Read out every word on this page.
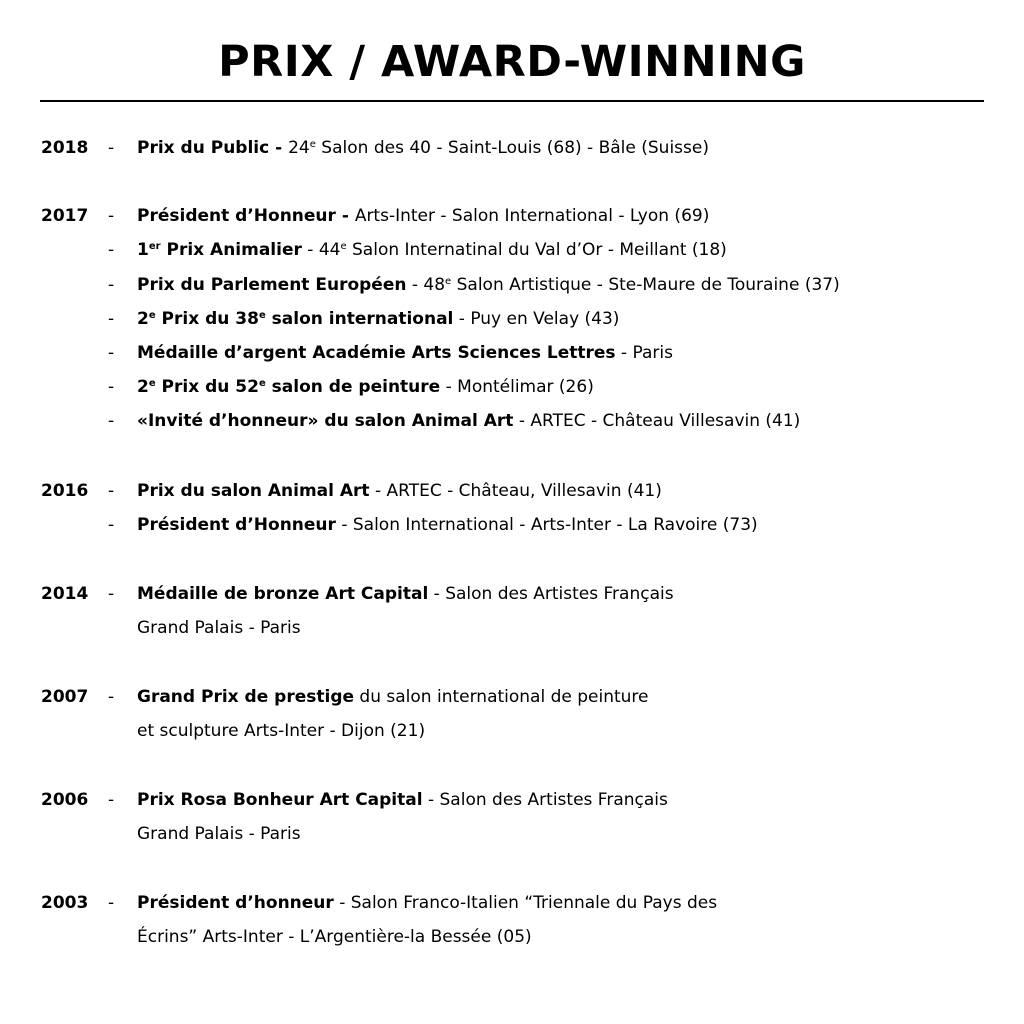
PRIX / AWARD-WINNING
2018 - Prix du Public - 24e Salon des 40 - Saint-Louis (68) - Bâle (Suisse)
2017 - Président d’Honneur - Arts-Inter - Salon International - Lyon (69)
- 1er Prix Animalier - 44e Salon Internatinal du Val d’Or - Meillant (18)
- Prix du Parlement Européen - 48e Salon Artistique - Ste-Maure de Touraine (37)
- 2e Prix du 38e salon international - Puy en Velay (43)
- Médaille d’argent Académie Arts Sciences Lettres - Paris
- 2e Prix du 52e salon de peinture - Montélimar (26)
- «Invité d’honneur» du salon Animal Art - ARTEC - Château Villesavin (41)
2016 - Prix du salon Animal Art - ARTEC - Château, Villesavin (41)
- Président d’Honneur - Salon International - Arts-Inter - La Ravoire (73)
2014 - Médaille de bronze Art Capital - Salon des Artistes Français
Grand Palais - Paris
2007 - Grand Prix de prestige du salon international de peinture
et sculpture Arts-Inter - Dijon (21)
2006 - Prix Rosa Bonheur Art Capital - Salon des Artistes Français
Grand Palais - Paris
2003 - Président d’honneur - Salon Franco-Italien “Triennale du Pays des
Écrins” Arts-Inter - L’Argentière-la Bessée (05)
